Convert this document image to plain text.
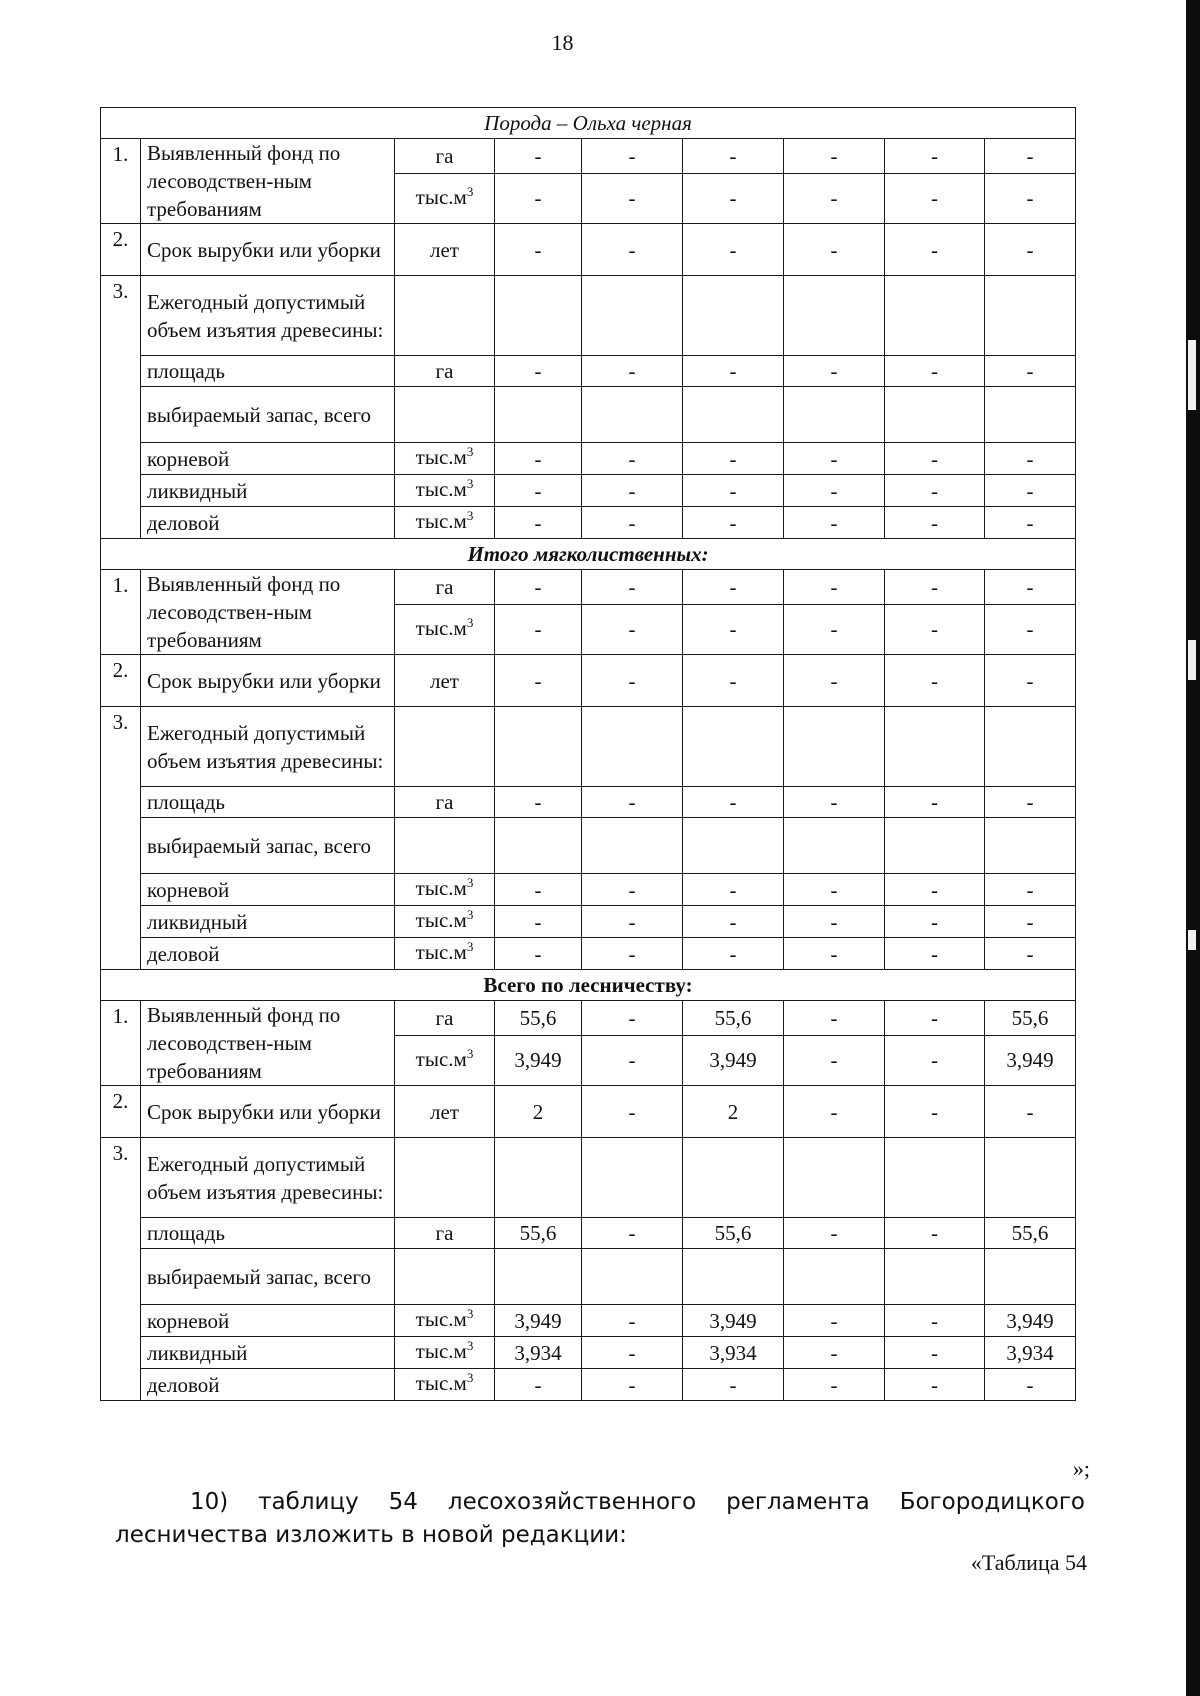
18
Порода – Ольха черная								
1.	Выявленный фонд по лесоводствен-ным требованиям	га	-	-	-	-	-	-
		$тыс.м^3$	-	-	-	-	-	-
2.	Срок вырубки или уборки	лет	-	-	-	-	-	-
3.	Ежегодный допустимый объем изъятия древесины:							
	площадь	га	-	-	-	-	-	-
	выбираемый запас, всего							
	корневой	$тыс.м^3$	-	-	-	-	-	-
	ликвидный	$тыс.м^3$	-	-	-	-	-	-
	деловой	$тыс.м^3$	-	-	-	-	-	-
Итого мягколиственных:								
1.	Выявленный фонд по лесоводствен-ным требованиям	га	-	-	-	-	-	-
		$тыс.м^3$	-	-	-	-	-	-
2.	Срок вырубки или уборки	лет	-	-	-	-	-	-
3.	Ежегодный допустимый объем изъятия древесины:							
	площадь	га	-	-	-	-	-	-
	выбираемый запас, всего							
	корневой	$тыс.м^3$	-	-	-	-	-	-
	ликвидный	$тыс.м^3$	-	-	-	-	-	-
	деловой	$тыс.м^3$	-	-	-	-	-	-
Всего по лесничеству:								
1.	Выявленный фонд по лесоводствен-ным требованиям	га	55,6	-	55,6	-	-	55,6
		$тыс.м^3$	3,949	-	3,949	-	-	3,949
2.	Срок вырубки или уборки	лет	2	-	2	-	-	-
3.	Ежегодный допустимый объем изъятия древесины:							
	площадь	га	55,6	-	55,6	-	-	55,6
	выбираемый запас, всего							
	корневой	$тыс.м^3$	3,949	-	3,949	-	-	3,949
	ликвидный	$тыс.м^3$	3,934	-	3,934	-	-	3,934
	деловой	$тыс.м^3$	-	-	-	-	-	-
»;
10) таблицу 54 лесохозяйственного регламента Богородицкого лесничества изложить в новой редакции:
«Таблица 54
